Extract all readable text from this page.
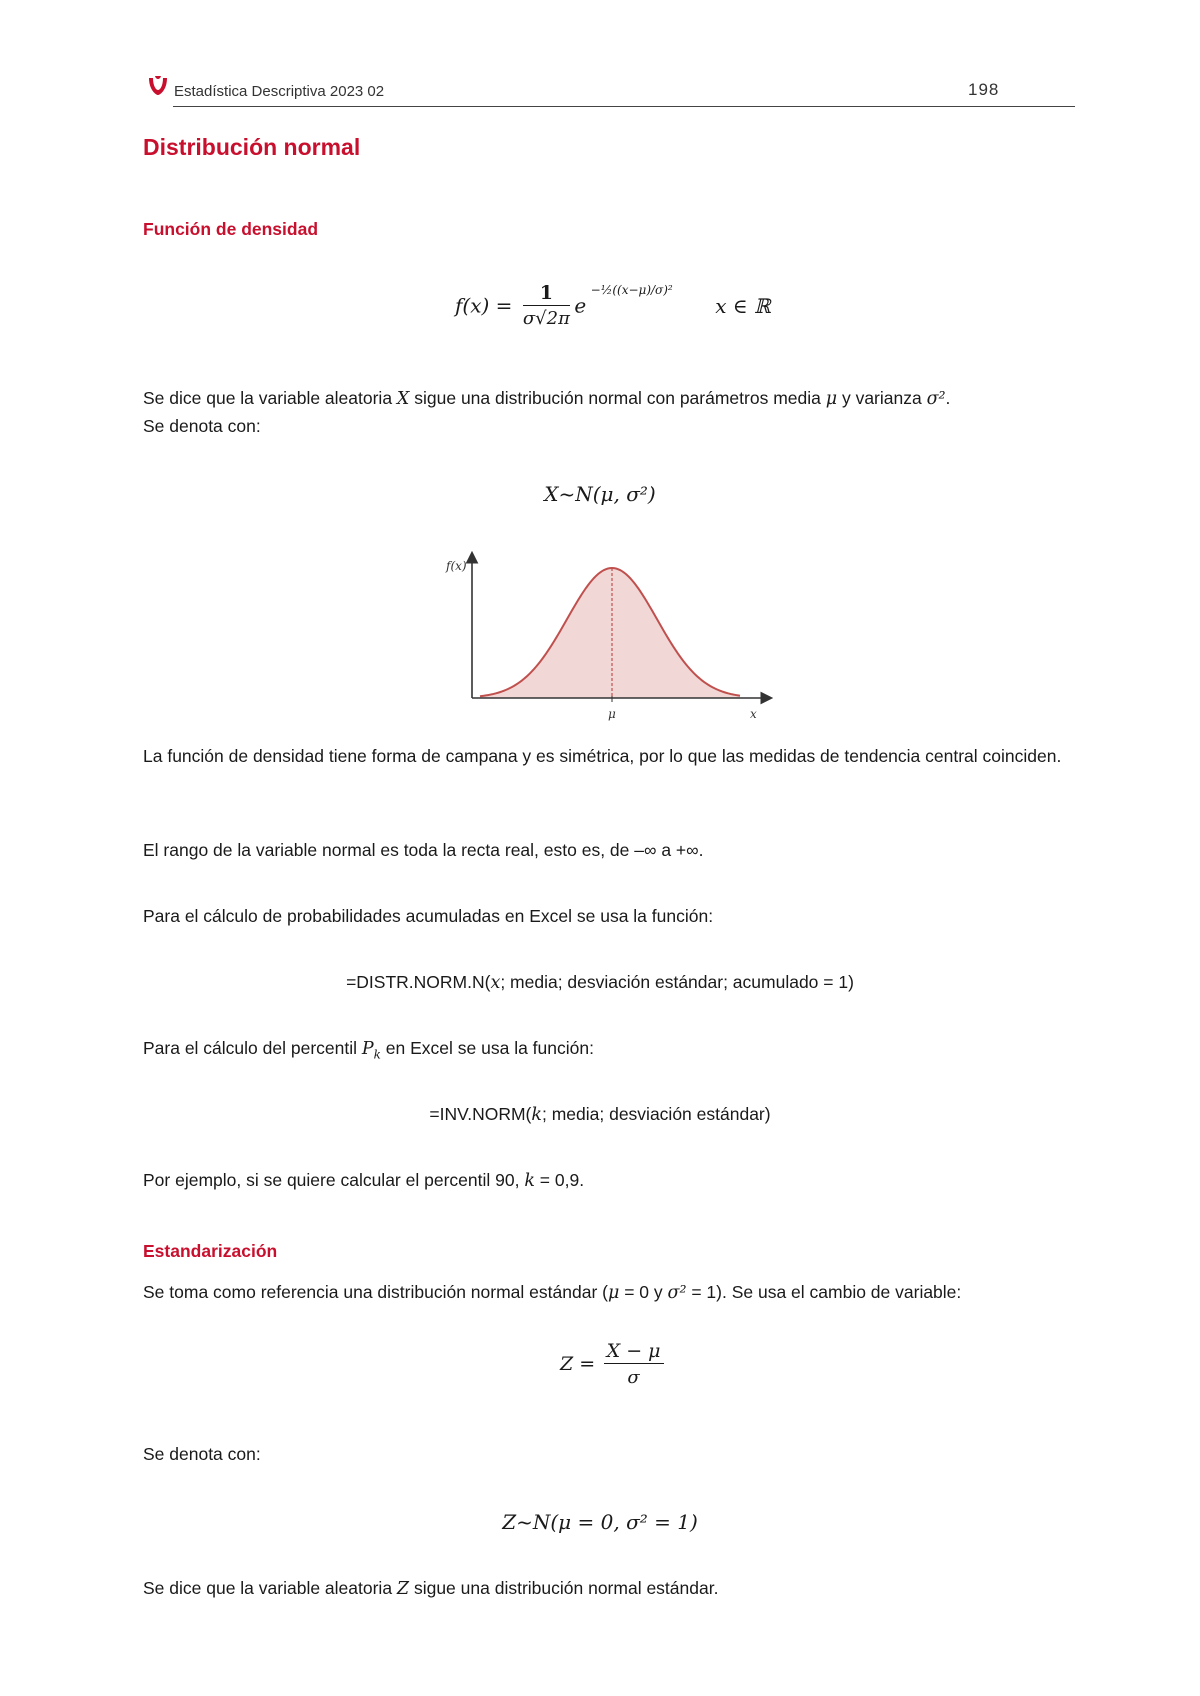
Estadística Descriptiva 2023 02	198
Distribución normal
Función de densidad
$f(x) = \frac{1}{\sigma√2\pi}$ e $^{-\frac{1}{2}((x-\mu)/\sigma)^2}$ x ∈ ℝ
Se dice que la variable aleatoria X sigue una distribución normal con parámetros media μ y varianza σ².
Se denota con:
X~N(μ, σ²)
f(x)
μ	x
La función de densidad tiene forma de campana y es simétrica, por lo que las medidas de tendencia central coinciden.
El rango de la variable normal es toda la recta real, esto es, de –∞ a +∞.
Para el cálculo de probabilidades acumuladas en Excel se usa la función:
=DISTR.NORM.N(x; media; desviación estándar; acumulado = 1)
Para el cálculo del percentil $P_k$ en Excel se usa la función:
=INV.NORM(k; media; desviación estándar)
Por ejemplo, si se quiere calcular el percentil 90, k = 0,9.
Estandarización
Se toma como referencia una distribución normal estándar (μ = 0 y σ² = 1). Se usa el cambio de variable:
$Z = \frac{X - \mu}{\sigma}$
Se denota con:
Z~N(μ = 0, σ² = 1)
Se dice que la variable aleatoria Z sigue una distribución normal estándar.
